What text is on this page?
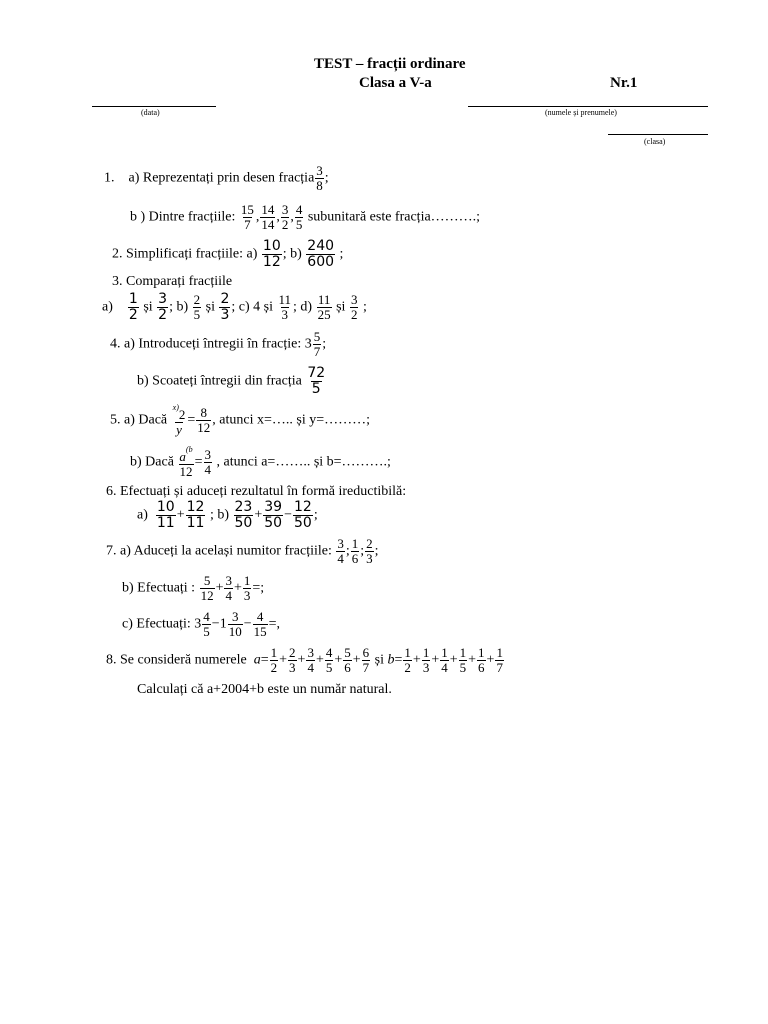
TEST – fracții ordinare
Clasa a V-a	Nr.1
(data)	(numele și prenumele)
(clasa)
1. a) Reprezentați prin desen fracția $\frac{3}{8}$ ;
b ) Dintre fracțiile: $\frac{15}{7}$ , $\frac{14}{14}$ , $\frac{3}{2}$ , $\frac{4}{5}$ subunitară este fracția……….;
2. Simplificați fracțiile: $a) \frac{10}{12}$ ; $b) \frac{240}{600}$ ;
3. Comparați fracțiile
$a) \frac{1}{2}$ și $\frac{3}{2}$ ; $b) \frac{2}{5}$ și $\frac{2}{3}$ ; c) 4 și $\frac{11}{3}$ ; $d) \frac{11}{25}$ și $\frac{3}{2}$ ;
4. a) Introduceți întregii în fracție: $3 \frac{5}{7}$ ;
b) Scoateți întregii din fracția $\frac{72}{5}$
5. a) Dacă $\frac{^{x)}2}{y} = \frac{8}{12}$ , atunci x=….. și y=………;
b) Dacă $\frac{a^{(b}}{12} = \frac{3}{4}$ , atunci a=…….. și b=……….;
6. Efectuați și aduceți rezultatul în formă ireductibilă:
$a) \frac{10}{11} + \frac{12}{11}$ ; $b) \frac{23}{50} + \frac{39}{50} - \frac{12}{50}$ ;
7. a) Aduceți la același numitor fracțiile: $\frac{3}{4}$ ; $\frac{1}{6}$ ; $\frac{2}{3}$ ;
b) Efectuați : $\frac{5}{12} + \frac{3}{4} + \frac{1}{3}$ =;
c) Efectuați: $3 \frac{4}{5} -1 \frac{3}{10} - \frac{4}{15}$ =,
8. Se consideră numerele $a= \frac{1}{2} + \frac{2}{3} + \frac{3}{4} + \frac{4}{5} + \frac{5}{6} + \frac{6}{7}$ și $b= \frac{1}{2} + \frac{1}{3} + \frac{1}{4} + \frac{1}{5} + \frac{1}{6} + \frac{1}{7}$
Calculați că a+2004+b este un număr natural.
